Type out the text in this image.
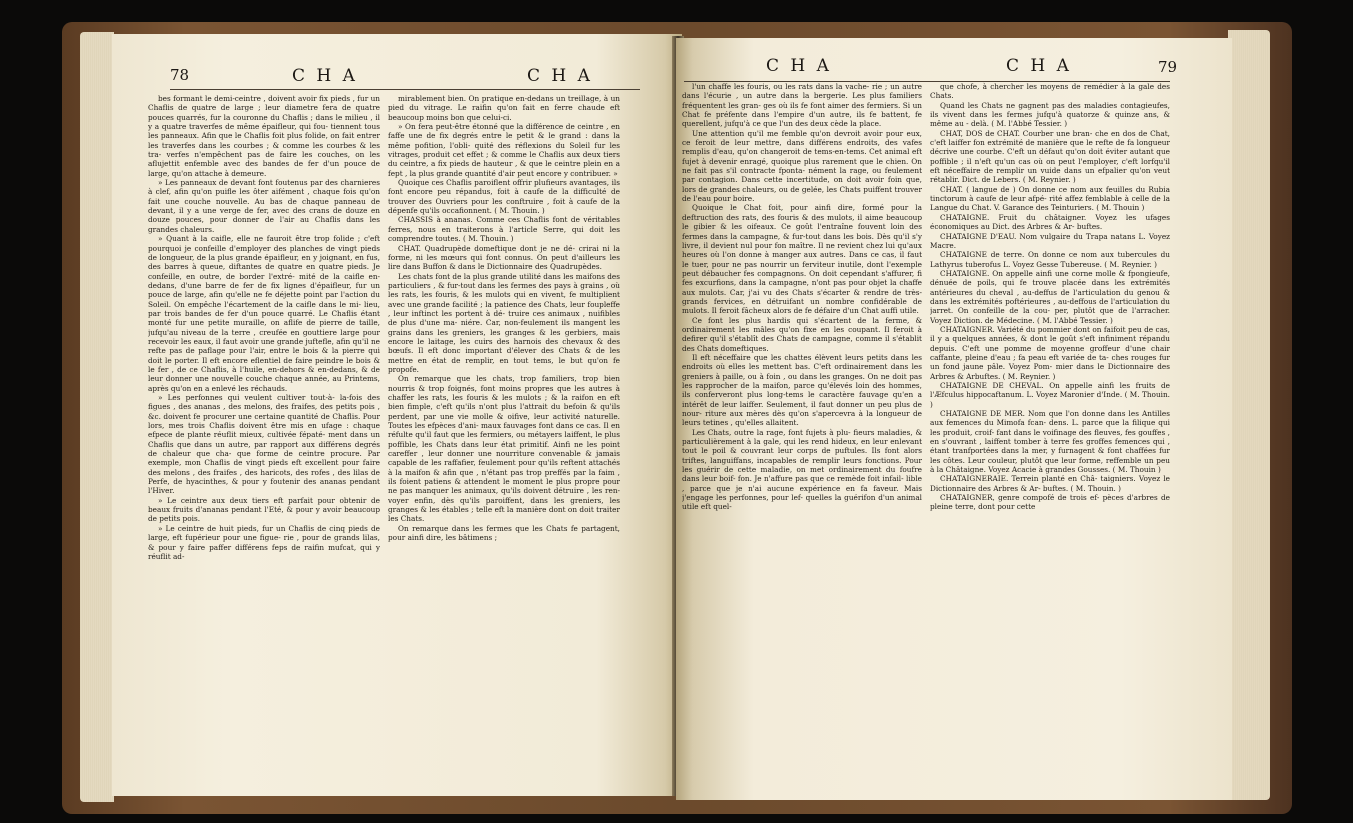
78	C H A	C H A

bes formant le demi-ceintre , doivent avoir fix pieds , fur un Chaflis de quatre de large ; leur diametre fera de quatre pouces quarrés, fur la couronne du Chaflis ; dans le milieu , il y a quatre traverfes de même épaifleur, qui fou- tiennent tous les panneaux. Afin que le Chaflis foit plus folide, on fait entrer les traverfes dans les courbes ; & comme les courbes & les tra- verfes n'empêchent pas de faire les couches, on les aflujettit enfemble avec des bandes de fer d'un pouce de large, qu'on attache à demeure.

» Les panneaux de devant font foutenus par des charnieres à clef, afin qu'on puifle les ôter aifément , chaque fois qu'on fait une couche nouvelle. Au bas de chaque panneau de devant, il y a une verge de fer, avec des crans de douze en douze pouces, pour donner de l'air au Chaflis dans les grandes chaleurs.

» Quant à la caifle, elle ne fauroit être trop folide ; c'eft pourquoi je confeille d'employer des planches de vingt pieds de longueur, de la plus grande épaifleur, en y joignant, en fus, des barres à queue, diftantes de quatre en quatre pieds. Je confeille, en outre, de border l'extré- mité de la caifle en-dedans, d'une barre de fer de fix lignes d'épaifleur, fur un pouce de large, afin qu'elle ne fe déjette point par l'action du Soleil. On empêche l'écartement de la caifle dans le mi- lieu, par trois bandes de fer d'un pouce quarré. Le Chaflis étant monté fur une petite muraille, on aflife de pierre de taille, jufqu'au niveau de la terre , creufée en gouttiere large pour recevoir les eaux, il faut avoir une grande juftefle, afin qu'il ne refte pas de paflage pour l'air, entre le bois & la pierre qui doit le porter. Il eft encore eflentiel de faire peindre le bois & le fer , de ce Chaflis, à l'huile, en-dehors & en-dedans, & de leur donner une nouvelle couche chaque année, au Printems, après qu'on en a enlevé les réchauds.

» Les perfonnes qui veulent cultiver tout-à- la-fois des figues , des ananas , des melons, des fraifes, des petits pois , &c. doivent fe procurer une certaine quantité de Chaflis. Pour lors, mes trois Chaflis doivent être mis en ufage : chaque efpece de plante réuflit mieux, cultivée fépaté- ment dans un Chaflis que dans un autre, par rapport aux différens degrés de chaleur que cha- que forme de ceintre procure. Par exemple, mon Chaflis de vingt pieds eft excellent pour faire des melons , des fraifes , des haricots, des rofes , des lilas de Perfe, de hyacinthes, & pour y foutenir des ananas pendant l'Hiver.

» Le ceintre aux deux tiers eft parfait pour obtenir de beaux fruits d'ananas pendant l'Eté, & pour y avoir beaucoup de petits pois.

» Le ceintre de huit pieds, fur un Chaflis de cinq pieds de large, eft fupérieur pour une figue- rie , pour de grands lilas, & pour y faire paffer différens feps de raifin mufcat, qui y réuflit ad-

mirablement bien. On pratique en-dedans un treillage, à un pied du vitrage. Le raifin qu'on fait en ferre chaude eft beaucoup moins bon que celui-ci.

» On fera peut-être étonné que la différence de ceintre , en faffe une de fix degrés entre le petit & le grand : dans la même pofition, l'obli- quité des réflexions du Soleil fur les vitrages, produit cet effet ; & comme le Chaflis aux deux tiers du ceintre, a fix pieds de hauteur , & que le ceintre plein en a fept , la plus grande quantité d'air peut encore y contribuer. »

Quoique ces Chaflis paroiflent offrir plufieurs avantages, ils font encore peu répandus, foit à caufe de la difficulté de trouver des Ouvriers pour les conftruire , foit à caufe de la dépenfe qu'ils occafionnent. ( M. Thouin. )

CHASSIS à ananas. Comme ces Chaflis font de véritables ferres, nous en traiterons à l'article Serre, qui doit les comprendre toutes. ( M. Thouin. )

CHAT. Quadrupède domeftique dont je ne dé- crirai ni la forme, ni les mœurs qui font connus. On peut d'ailleurs les lire dans Buffon & dans le Dictionnaire des Quadrupèdes.

Les chats font de la plus grande utilité dans les maifons des particuliers , & fur-tout dans les fermes des pays à grains , où les rats, les fouris, & les mulots qui en vivent, fe multiplient avec une grande facilité ; la patience des Chats, leur foupleffe , leur inftinct les portent à dé- truire ces animaux , nuifibles de plus d'une ma- niére. Car, non-feulement ils mangent les grains dans les greniers, les granges & les gerbiers, mais encore le laitage, les cuirs des harnois des chevaux & des bœufs. Il eft donc important d'élever des Chats & de les mettre en état de remplir, en tout tems, le but qu'on fe propofe.

On remarque que les chats, trop familiers, trop bien nourris & trop foignés, font moins propres que les autres à chaffer les rats, les fouris & les mulots ; & la raifon en eft bien fimple, c'eft qu'ils n'ont plus l'attrait du befoin & qu'ils perdent, par une vie molle & oifive, leur activité naturelle. Toutes les efpèces d'ani- maux fauvages font dans ce cas. Il en réfulte qu'il faut que les fermiers, ou métayers laiffent, le plus poffible, les Chats dans leur état primitif. Ainfi ne les point careffer , leur donner une nourriture convenable & jamais capable de les raffafier, feulement pour qu'ils reftent attachés à la maifon & afin que , n'étant pas trop preffés par la faim , ils foient patiens & attendent le moment le plus propre pour ne pas manquer les animaux, qu'ils doivent détruire , les ren- voyer enfin, dès qu'ils paroiffent, dans les greniers, les granges & les étables ; telle eft la manière dont on doit traiter les Chats.

On remarque dans les fermes que les Chats fe partagent, pour ainfi dire, les bâtimens ;

C H A	C H A	79

l'un chaffe les fouris, ou les rats dans la vache- rie ; un autre dans l'écurie , un autre dans la bergerie. Les plus familiers fréquentent les gran- ges où ils fe font aimer des fermiers. Si un Chat fe préfente dans l'empire d'un autre, ils fe battent, fe querellent, jufqu'à ce que l'un des deux cède la place.

Une attention qu'il me femble qu'on devroit avoir pour eux, ce feroit de leur mettre, dans différens endroits, des vafes remplis d'eau, qu'on changeroit de tems-en-tems. Cet animal eft fujet à devenir enragé, quoique plus rarement que le chien. On ne fait pas s'il contracte fponta- nément la rage, ou feulement par contagion. Dans cette incertitude, on doit avoir foin que, lors de grandes chaleurs, ou de gelée, les Chats puiffent trouver de l'eau pour boire.

Quoique le Chat foit, pour ainfi dire, formé pour la deftruction des rats, des fouris & des mulots, il aime beaucoup le gibier & les oifeaux. Ce goût l'entraîne fouvent loin des fermes dans la campagne, & fur-tout dans les bois. Dès qu'il s'y livre, il devient nul pour fon maître. Il ne revient chez lui qu'aux heures où l'on donne à manger aux autres. Dans ce cas, il faut le tuer, pour ne pas nourrir un ferviteur inutile, dont l'exemple peut débaucher fes compagnons. On doit cependant s'affurer, fi fes excurfions, dans la campagne, n'ont pas pour objet la chaffe aux mulots. Car, j'ai vu des Chats s'écarter & rendre de très-grands fervices, en détruifant un nombre confidérable de mulots. Il feroit fâcheux alors de fe défaire d'un Chat auffi utile.

Ce font les plus hardis qui s'écartent de la ferme, & ordinairement les mâles qu'on fixe en les coupant. Il feroit à defirer qu'il s'établît des Chats de campagne, comme il s'établit des Chats domeftiques.

Il eft néceffaire que les chattes élèvent leurs petits dans les endroits où elles les mettent bas. C'eft ordinairement dans les greniers à paille, ou à foin , ou dans les granges. On ne doit pas les rapprocher de la maifon, parce qu'élevés loin des hommes, ils conferveront plus long-tems le caractère fauvage qu'en a intérêt de leur laiffer. Seulement, il faut donner un peu plus de nour- riture aux mères dès qu'on s'apercevra à la longueur de leurs tetines , qu'elles allaitent.

Les Chats, outre la rage, font fujets à plu- fieurs maladies, & particulièrement à la gale, qui les rend hideux, en leur enlevant tout le poil & couvrant leur corps de puftules. Ils font alors triftes, languiffans, incapables de remplir leurs fonctions. Pour les guérir de cette maladie, on met ordinairement du foufre dans leur boif- fon. Je n'affure pas que ce remède foit infail- lible , parce que je n'ai aucune expérience en fa faveur. Mais j'engage les perfonnes, pour lef- quelles la guérifon d'un animal utile eft quel-

que chofe, à chercher les moyens de remédier à la gale des Chats.

Quand les Chats ne gagnent pas des maladies contagieufes, ils vivent dans les fermes jufqu'à quatorze & quinze ans, & même au - delà. ( M. l'Abbé Tessier. )

CHAT, DOS de CHAT. Courber une bran- che en dos de Chat, c'eft laiffer fon extrémité de manière que le refte de fa longueur décrive une courbe. C'eft un défaut qu'on doit éviter autant que poffible ; il n'eft qu'un cas où on peut l'employer, c'eft lorfqu'il eft néceffaire de remplir un vuide dans un efpalier qu'on veut rétablir. Dict. de Lebers. ( M. Reynier. )

CHAT. ( langue de ) On donne ce nom aux feuilles du Rubia tinctorum à caufe de leur afpé- rité affez femblable à celle de la Langue du Chat. V. Garance des Teinturiers. ( M. Thouin )

CHATAIGNE. Fruit du châtaigner. Voyez les ufages économiques au Dict. des Arbres & Ar- buftes.

CHATAIGNE D'EAU. Nom vulgaire du Trapa natans L. Voyez Macre.

CHATAIGNE de terre. On donne ce nom aux tubercules du Lathyrus tuberofus L. Voyez Gesse Tubereuse. ( M. Reynier. )

CHATAIGNE. On appelle ainfi une corne molle & fpongieufe, dénuée de poils, qui fe trouve placée dans les extrémités antérieures du cheval , au-deffus de l'articulation du genou & dans les extrémités poftérieures , au-deffous de l'articulation du jarret. On confeille de la cou- per, plutôt que de l'arracher. Voyez Diction. de Médecine. ( M. l'Abbé Tessier. )

CHATAIGNER. Variété du pommier dont on faifoit peu de cas, il y a quelques années, & dont le goût s'eft infiniment répandu depuis. C'eft une pomme de moyenne groffeur d'une chair caffante, pleine d'eau ; fa peau eft variée de ta- ches rouges fur un fond jaune pâle. Voyez Pom- mier dans le Dictionnaire des Arbres & Arbuftes. ( M. Reynier. )

CHATAIGNE DE CHEVAL. On appelle ainfi les fruits de l'Æfculus hippocaftanum. L. Voyez Maronier d'Inde. ( M. Thouin. )

CHATAIGNE DE MER. Nom que l'on donne dans les Antilles aux femences du Mimofa fcan- dens. L. parce que la filique qui les produit, croif- fant dans le voifinage des fleuves, fes gouffes , en s'ouvrant , laiffent tomber à terre fes groffes femences qui , étant tranfportées dans la mer, y furnagent & font chaffées fur les côtes. Leur couleur, plutôt que leur forme, reffemble un peu à la Châtaigne. Voyez Acacie à grandes Gousses. ( M. Thouin )

CHATAIGNERAIE. Terrein planté en Châ- taigniers. Voyez le Dictionnaire des Arbres & Ar- buftes. ( M. Thouin. )

CHATAIGNER, genre compofé de trois ef- pèces d'arbres de pleine terre, dont pour cette
